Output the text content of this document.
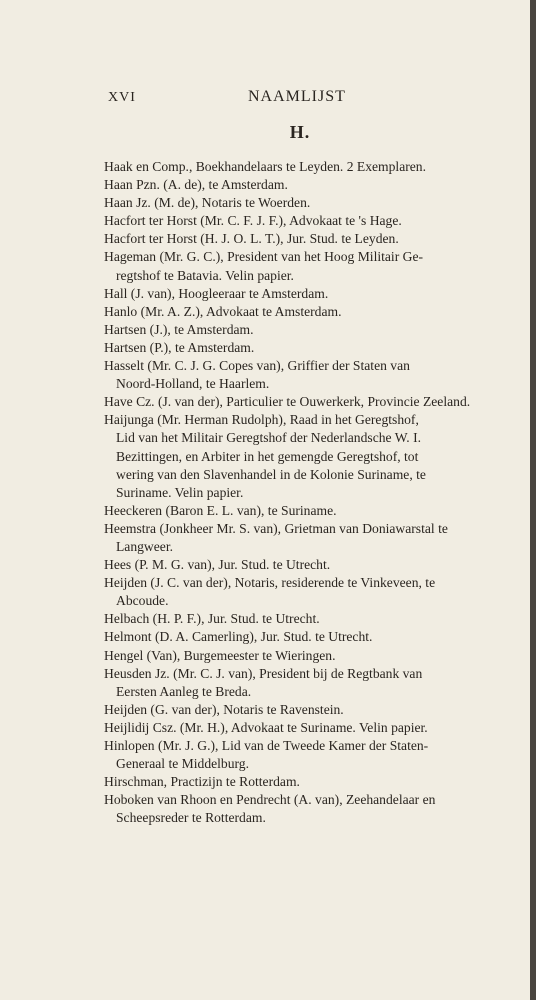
XVI	NAAMLIJST
H.
Haak en Comp., Boekhandelaars te Leyden. 2 Exemplaren.
Haan Pzn. (A. de), te Amsterdam.
Haan Jz. (M. de), Notaris te Woerden.
Hacfort ter Horst (Mr. C. F. J. F.), Advokaat te 's Hage.
Hacfort ter Horst (H. J. O. L. T.), Jur. Stud. te Leyden.
Hageman (Mr. G. C.), President van het Hoog Militair Ge-

regtshof te Batavia. Velin papier.
Hall (J. van), Hoogleeraar te Amsterdam.
Hanlo (Mr. A. Z.), Advokaat te Amsterdam.
Hartsen (J.), te Amsterdam.
Hartsen (P.), te Amsterdam.
Hasselt (Mr. C. J. G. Copes van), Griffier der Staten van

Noord-Holland, te Haarlem.
Have Cz. (J. van der), Particulier te Ouwerkerk, Provincie Zeeland.
Haijunga (Mr. Herman Rudolph), Raad in het Geregtshof,

Lid van het Militair Geregtshof der Nederlandsche W. I.
Bezittingen, en Arbiter in het gemengde Geregtshof, tot
wering van den Slavenhandel in de Kolonie Suriname, te
Suriname. Velin papier.
Heeckeren (Baron E. L. van), te Suriname.
Heemstra (Jonkheer Mr. S. van), Grietman van Doniawarstal te

Langweer.
Hees (P. M. G. van), Jur. Stud. te Utrecht.
Heijden (J. C. van der), Notaris, residerende te Vinkeveen, te

Abcoude.
Helbach (H. P. F.), Jur. Stud. te Utrecht.
Helmont (D. A. Camerling), Jur. Stud. te Utrecht.
Hengel (Van), Burgemeester te Wieringen.
Heusden Jz. (Mr. C. J. van), President bij de Regtbank van

Eersten Aanleg te Breda.
Heijden (G. van der), Notaris te Ravenstein.
Heijlidij Csz. (Mr. H.), Advokaat te Suriname. Velin papier.
Hinlopen (Mr. J. G.), Lid van de Tweede Kamer der Staten-

Generaal te Middelburg.
Hirschman, Practizijn te Rotterdam.
Hoboken van Rhoon en Pendrecht (A. van), Zeehandelaar en

Scheepsreder te Rotterdam.
